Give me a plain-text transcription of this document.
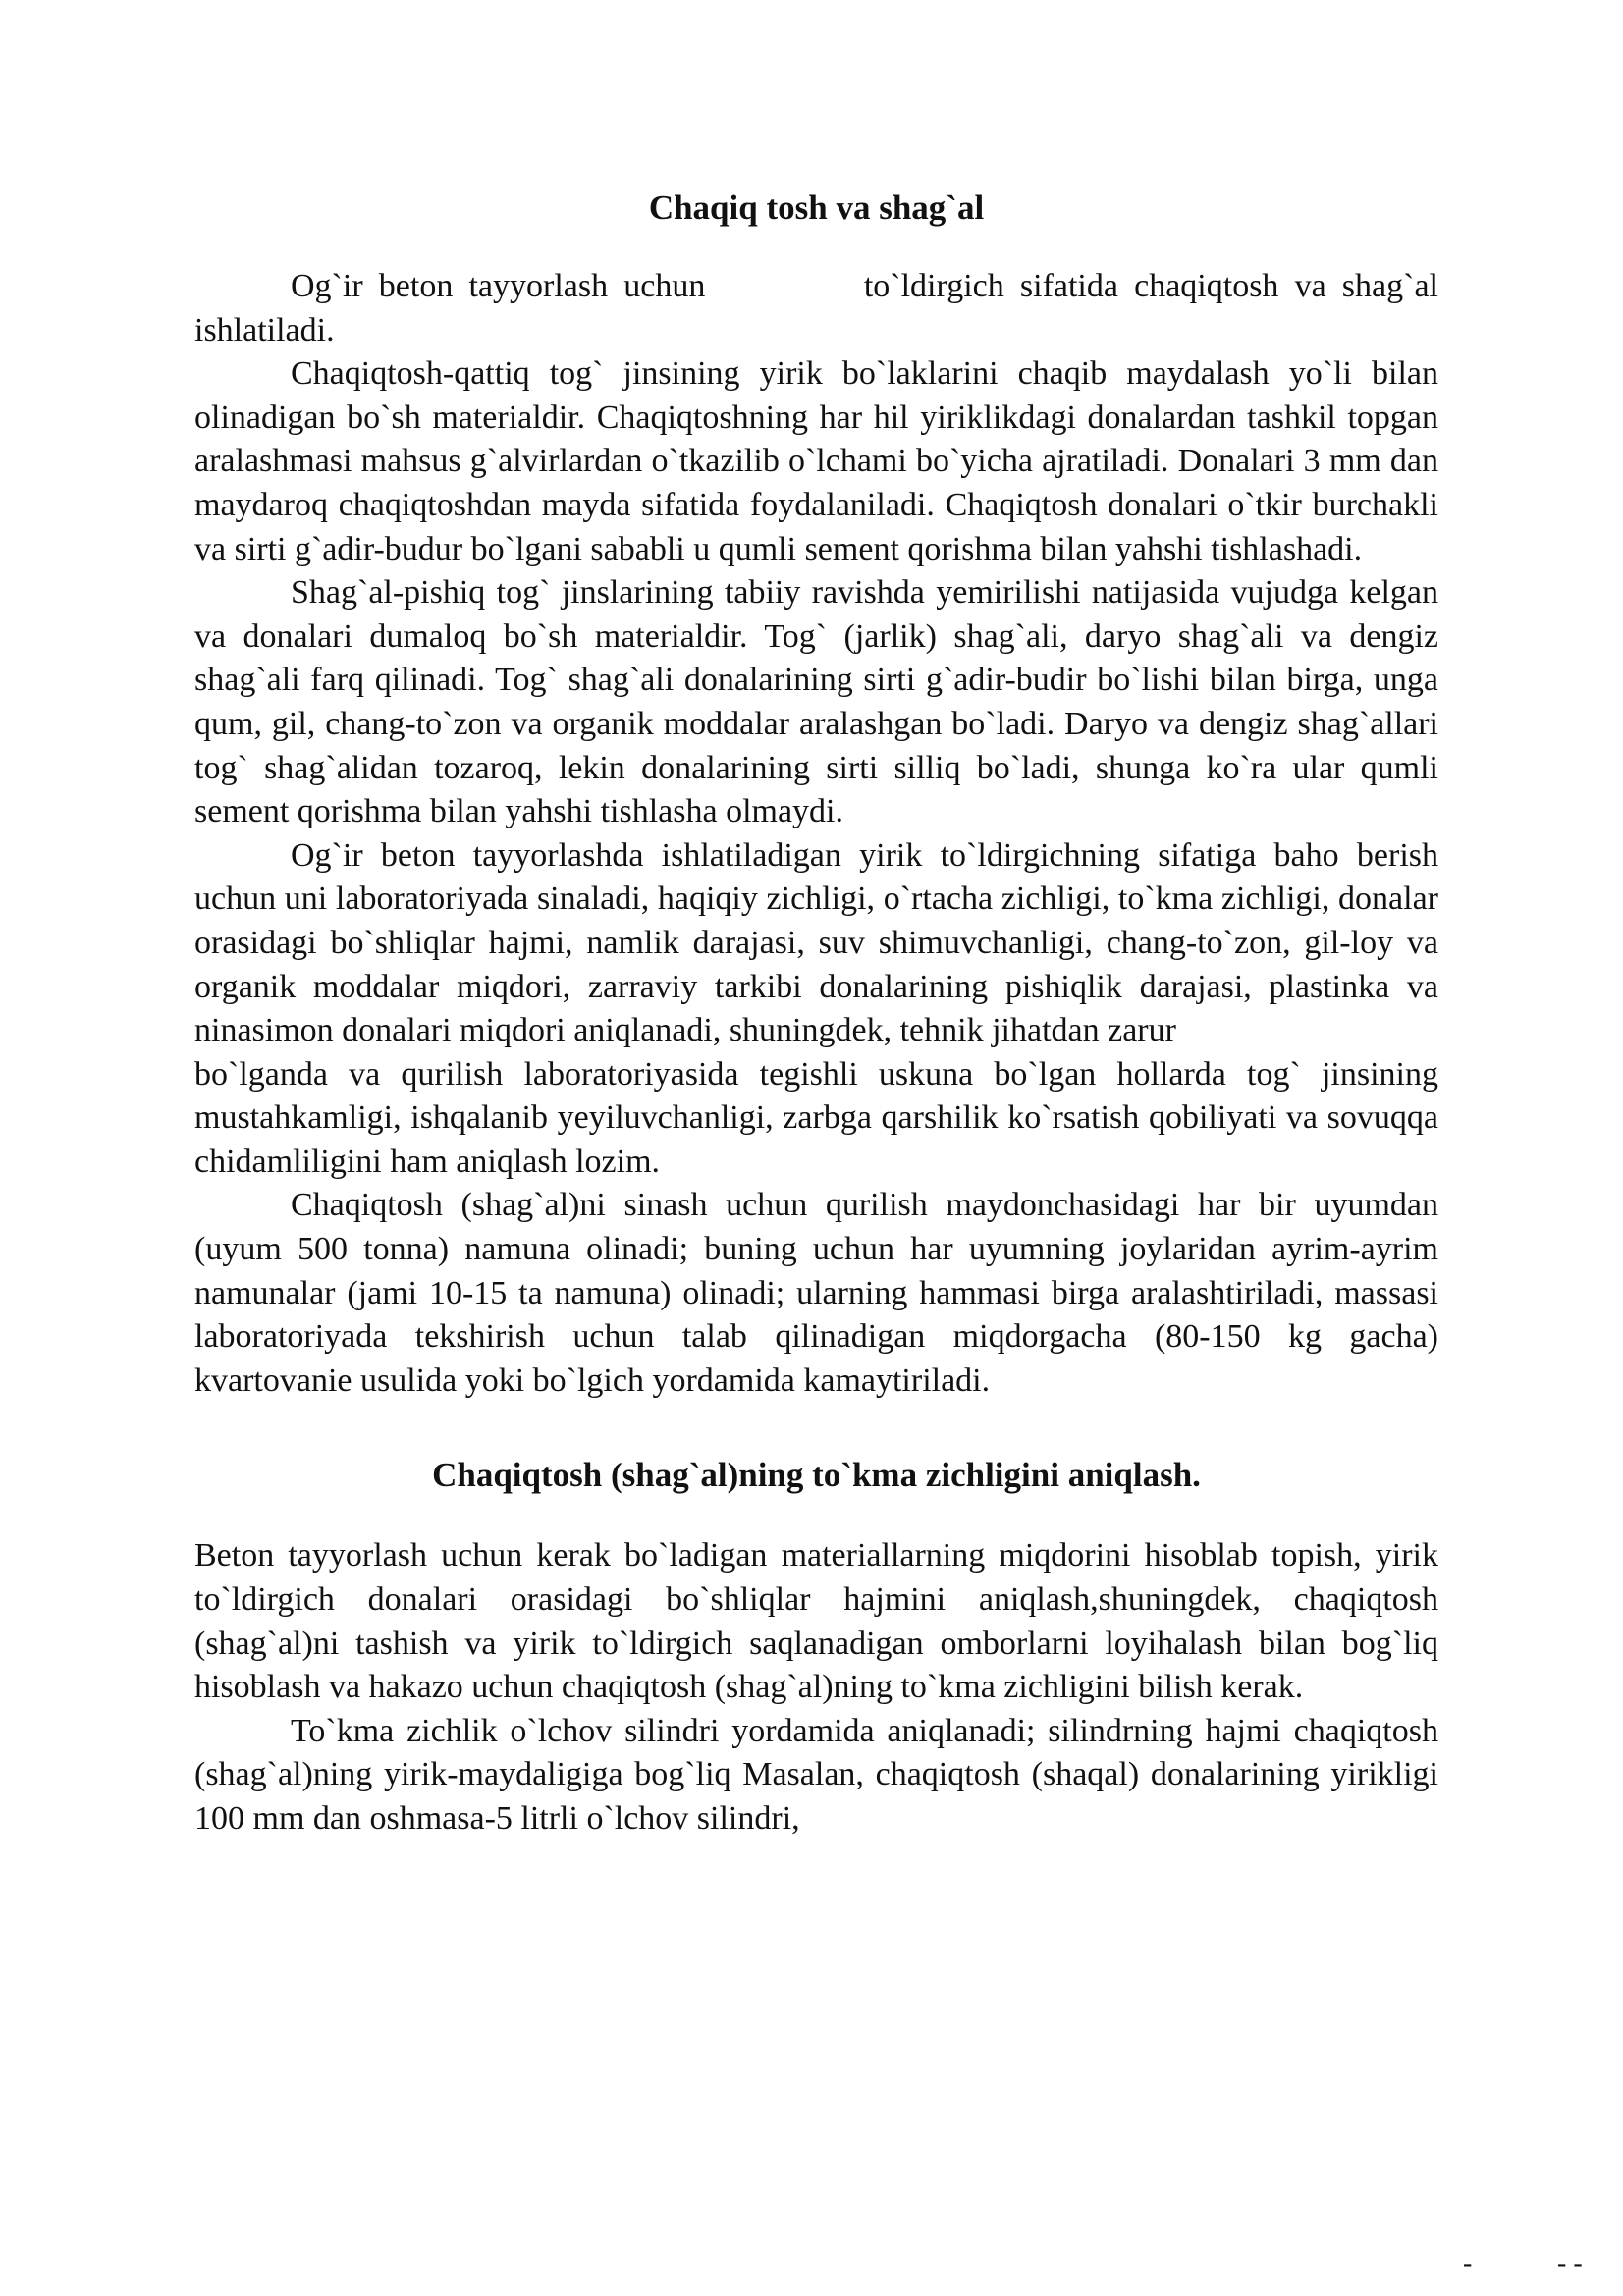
Chaqiq tosh va shag`al

Og`ir beton tayyorlash uchun          to`ldirgich sifatida chaqiqtosh va shag`al ishlatiladi.

Chaqiqtosh-qattiq tog` jinsining yirik bo`laklarini chaqib maydalash yo`li bilan olinadigan bo`sh materialdir. Chaqiqtoshning har hil yiriklikdagi donalardan tashkil topgan aralashmasi mahsus g`alvirlardan o`tkazilib o`lchami bo`yicha ajratiladi. Donalari 3 mm dan maydaroq chaqiqtoshdan mayda sifatida foydalaniladi. Chaqiqtosh donalari o`tkir burchakli va sirti g`adir-budur bo`lgani sababli u qumli sement qorishma bilan yahshi tishlashadi.

Shag`al-pishiq tog` jinslarining tabiiy ravishda yemirilishi natijasida vujudga kelgan va donalari dumaloq bo`sh materialdir. Tog` (jarlik) shag`ali, daryo shag`ali va dengiz shag`ali farq qilinadi. Tog` shag`ali donalarining sirti g`adir-budir bo`lishi bilan birga, unga qum, gil, chang-to`zon va organik moddalar aralashgan bo`ladi. Daryo va dengiz shag`allari tog` shag`alidan tozaroq, lekin donalarining sirti silliq bo`ladi, shunga ko`ra ular qumli sement qorishma bilan yahshi tishlasha olmaydi.

Og`ir beton tayyorlashda ishlatiladigan yirik to`ldirgichning sifatiga baho berish uchun uni laboratoriyada sinaladi, haqiqiy zichligi, o`rtacha zichligi, to`kma zichligi, donalar orasidagi bo`shliqlar hajmi, namlik darajasi, suv shimuvchanligi, chang-to`zon, gil-loy va organik moddalar miqdori, zarraviy tarkibi donalarining pishiqlik darajasi, plastinka va ninasimon donalari miqdori aniqlanadi, shuningdek, tehnik jihatdan zarur

bo`lganda va qurilish laboratoriyasida tegishli uskuna bo`lgan hollarda tog` jinsining mustahkamligi, ishqalanib yeyiluvchanligi, zarbga qarshilik ko`rsatish qobiliyati va sovuqqa chidamliligini ham aniqlash lozim.

Chaqiqtosh (shag`al)ni sinash uchun qurilish maydonchasidagi har bir uyumdan (uyum 500 tonna) namuna olinadi; buning uchun har uyumning joylaridan ayrim-ayrim namunalar (jami 10-15 ta namuna) olinadi; ularning hammasi birga aralashtiriladi, massasi laboratoriyada tekshirish uchun talab qilinadigan miqdorgacha (80-150 kg gacha) kvartovanie usulida yoki bo`lgich yordamida kamaytiriladi.

Chaqiqtosh (shag`al)ning to`kma zichligini aniqlash.

Beton tayyorlash uchun kerak bo`ladigan materiallarning miqdorini hisoblab topish, yirik to`ldirgich donalari orasidagi bo`shliqlar hajmini aniqlash,shuningdek, chaqiqtosh (shag`al)ni tashish va yirik to`ldirgich saqlanadigan omborlarni loyihalash bilan bog`liq hisoblash va hakazo uchun chaqiqtosh (shag`al)ning to`kma zichligini bilish kerak.

To`kma zichlik o`lchov silindri yordamida aniqlanadi; silindrning hajmi chaqiqtosh (shag`al)ning yirik-maydaligiga bog`liq Masalan, chaqiqtosh (shaqal) donalarining yirikligi 100 mm dan oshmasa-5 litrli o`lchov silindri,

-	- -
